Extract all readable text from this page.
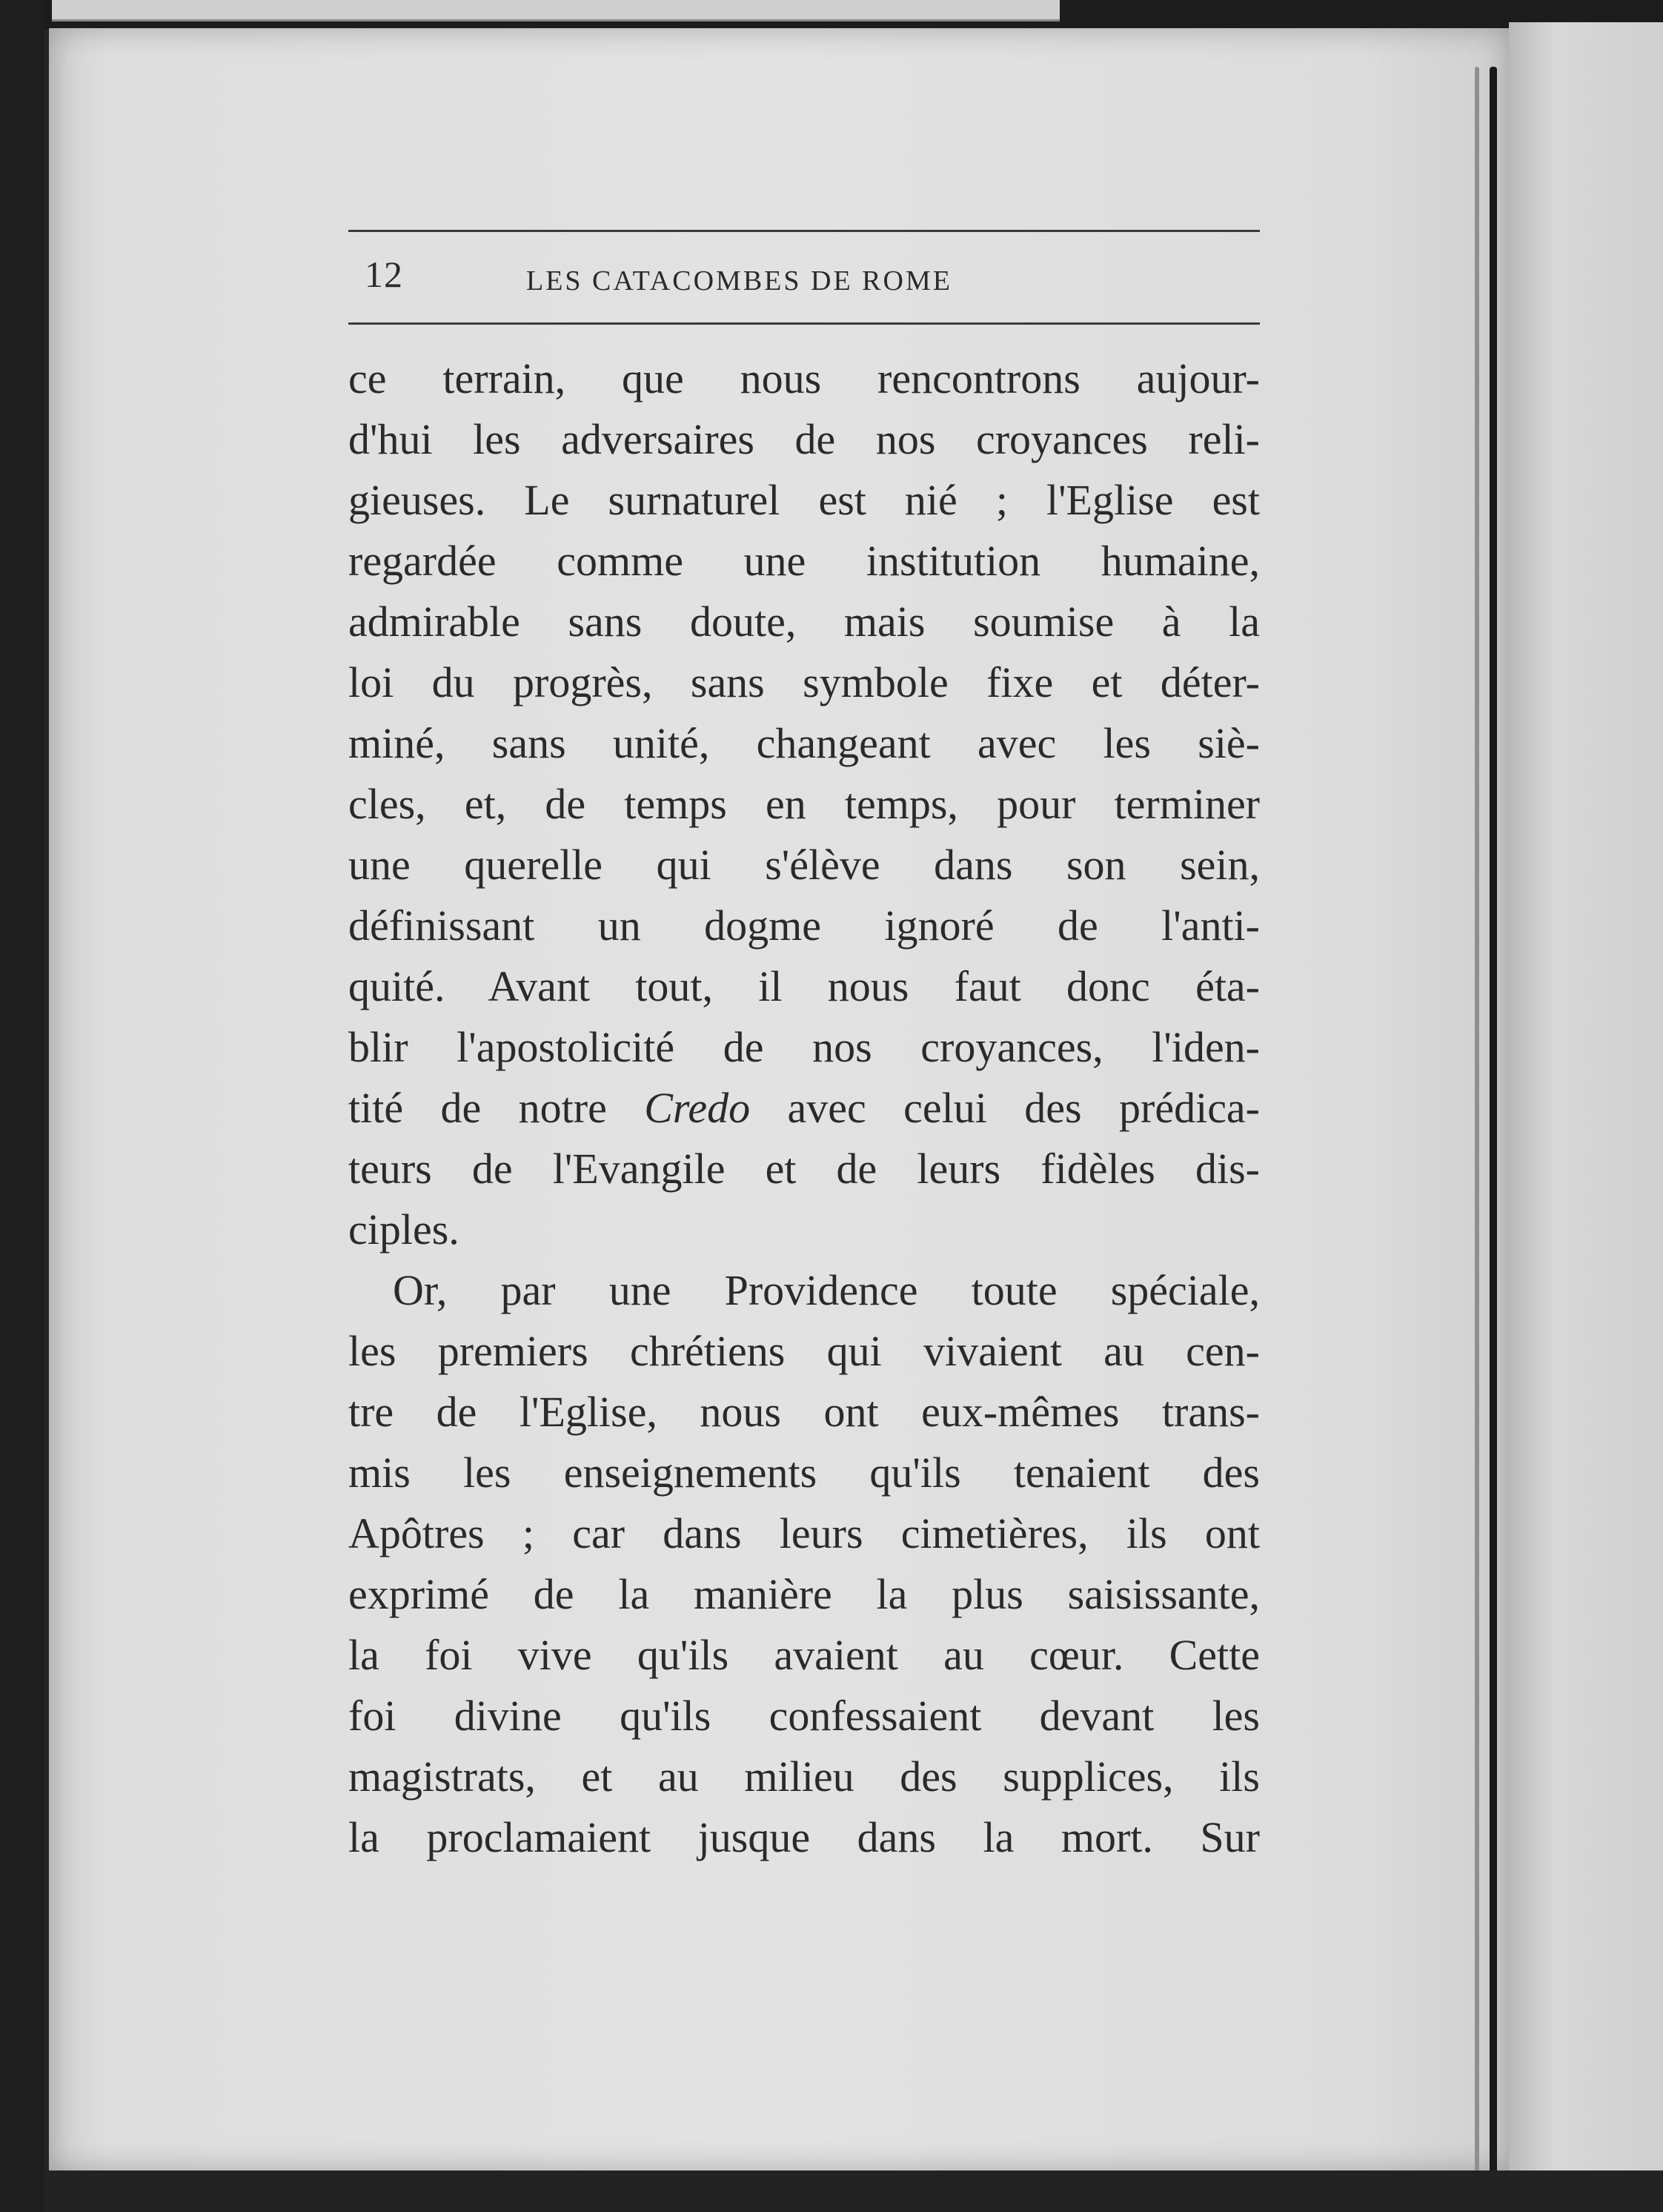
12	LES CATACOMBES DE ROME
ce terrain, que nous rencontrons aujour-
d'hui les adversaires de nos croyances reli-
gieuses. Le surnaturel est nié ; l'Eglise est
regardée comme une institution humaine,
admirable sans doute, mais soumise à la
loi du progrès, sans symbole fixe et déter-
miné, sans unité, changeant avec les siè-
cles, et, de temps en temps, pour terminer
une querelle qui s'élève dans son sein,
définissant un dogme ignoré de l'anti-
quité. Avant tout, il nous faut donc éta-
blir l'apostolicité de nos croyances, l'iden-
tité de notre Credo avec celui des prédica-
teurs de l'Evangile et de leurs fidèles dis-
ciples.
Or, par une Providence toute spéciale,
les premiers chrétiens qui vivaient au cen-
tre de l'Eglise, nous ont eux-mêmes trans-
mis les enseignements qu'ils tenaient des
Apôtres ; car dans leurs cimetières, ils ont
exprimé de la manière la plus saisissante,
la foi vive qu'ils avaient au cœur. Cette
foi divine qu'ils confessaient devant les
magistrats, et au milieu des supplices, ils
la proclamaient jusque dans la mort. Sur
